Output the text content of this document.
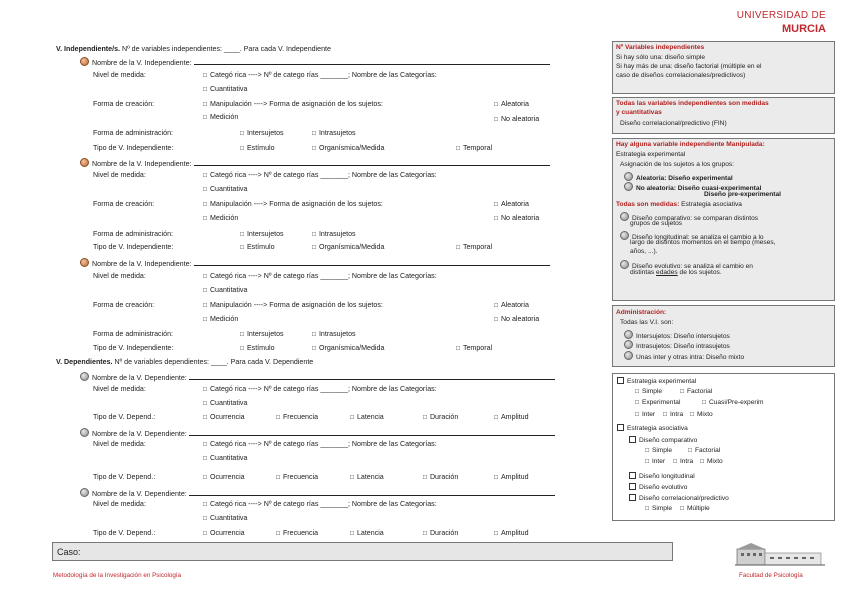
UNIVERSIDAD DE
MURCIA
V. Independiente/s. Nº de variables independientes: ____. Para cada V. Independiente
Nombre de la V. Independiente:
Nivel de medida:	□ Categó rica ----> Nº de catego rías _______; Nombre de las Categorías:
□ Cuantitativa
Forma de creación:	□ Manipulación ----> Forma de asignación de los sujetos:	□ Aleatoria
□ Medición	□ No aleatoria
Forma de administración:	□ Intersujetos	□ Intrasujetos
Tipo de V. Independiente:	□ Estímulo	□ Organísmica/Medida	□ Temporal
Nombre de la V. Independiente:
Nivel de medida:	□ Categó rica ----> Nº de catego rías _______; Nombre de las Categorías:
□ Cuantitativa
Forma de creación:	□ Manipulación ----> Forma de asignación de los sujetos:	□ Aleatoria
□ Medición	□ No aleatoria
Forma de administración:	□ Intersujetos	□ Intrasujetos
Tipo de V. Independiente:	□ Estímulo	□ Organísmica/Medida	□ Temporal
Nombre de la V. Independiente:
Nivel de medida:	□ Categó rica ----> Nº de catego rías _______; Nombre de las Categorías:
□ Cuantitativa
Forma de creación:	□ Manipulación ----> Forma de asignación de los sujetos:	□ Aleatoria
□ Medición	□ No aleatoria
Forma de administración:	□ Intersujetos	□ Intrasujetos
Tipo de V. Independiente:	□ Estímulo	□ Organísmica/Medida	□ Temporal
V. Dependientes. Nº de variables dependientes: ____. Para cada V. Dependiente
Nombre de la V. Dependiente:
Nivel de medida:	□ Categó rica ----> Nº de catego rías _______; Nombre de las Categorías:
□ Cuantitativa
Tipo de V. Depend.:	□ Ocurrencia	□ Frecuencia	□ Latencia	□ Duración	□ Amplitud
Nombre de la V. Dependiente:
Nivel de medida:	□ Categó rica ----> Nº de catego rías _______; Nombre de las Categorías:
□ Cuantitativa
Tipo de V. Depend.:	□ Ocurrencia	□ Frecuencia	□ Latencia	□ Duración	□ Amplitud
Nombre de la V. Dependiente:
Nivel de medida:	□ Categó rica ----> Nº de catego rías _______; Nombre de las Categorías:
□ Cuantitativa
Tipo de V. Depend.:	□ Ocurrencia	□ Frecuencia	□ Latencia	□ Duración	□ Amplitud
Nº Variables independientes
Si hay sólo una: diseño simple
Si hay más de una: diseño factorial (múltiple en el
caso de diseños correlacionales/predictivos)
Todas las variables independientes son medidas
y cuantitativas
Diseño correlacional/predictivo (FIN)
Hay alguna variable independiente Manipulada:
Estrategia experimental
Asignación de los sujetos a los grupos:
Aleatoria: Diseño experimental
No aleatoria: Diseño cuasi-experimental
Diseño pre-experimental
Todas son medidas: Estrategia asociativa
Diseño comparativo: se comparan distintos
grupos de sujetos
Diseño longitudinal: se analiza el cambio a lo
largo de distintos momentos en el tiempo (meses,
años, ...).
Diseño evolutivo: se analiza el cambio en
distintas edades de los sujetos.
Administración:
Todas las V.I. son:
Intersujetos: Diseño intersujetos
Intrasujetos: Diseño intrasujetos
Unas inter y otras intra: Diseño mixto
Estrategia experimental
□ Simple	□ Factorial
□ Experimental	□ Cuasi/Pre-experim
□ Inter	□ Intra	□ Mixto
Estrategia asociativa
Diseño comparativo
□ Simple	□ Factorial
□ Inter	□ Intra	□ Mixto
Diseño longitudinal
Diseño evolutivo
Diseño correlacional/predictivo
□ Simple	□ Múltiple
Caso:
Metodología de la Investigación en Psicología	Facultad de Psicología
